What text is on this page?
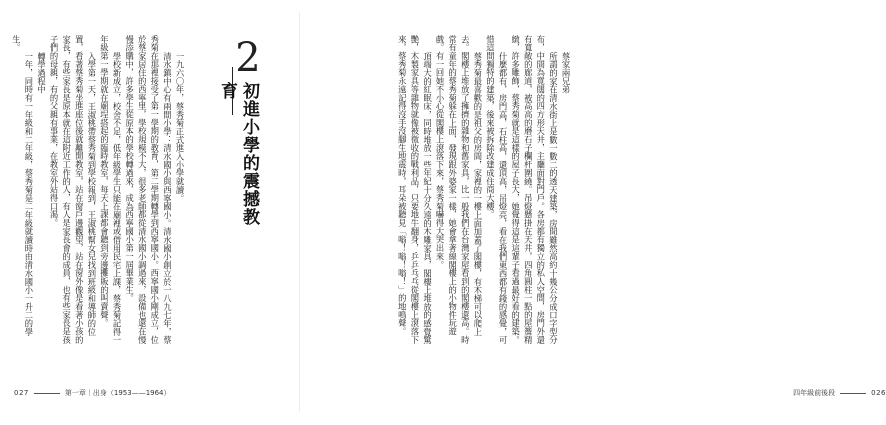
2
初進小學的震撼教育

一九六〇年，蔡秀菊正式進入小學就讀。

清水鎮中心有兩間小學：清水國小與西寧國小。清水國小創立於一八九七年，蔡秀菊在那裡接受了第一學期的教育，第二學期轉學到西寧國小。西寧國小剛成立，位於蔡家居住的西寧里，學校規模不大，很多老師都從清水國小調過來，設備也還在慢慢添購中，許多學生從原本的學校轉過來，成為西寧國小第一屆畢業生。

學校新成立，校舍不足，低年級學生只能在廟裡或借用民宅上課，蔡秀菊記得一年級第一學期就在廟埕搭起的臨時教室，每天上課都會聽到旁邊攤販的叫賣聲。

入學第一天，王淑桃帶蔡秀菊到學校報到，王淑桃幫女兒找到班級和導師的位置，看著蔡秀菊坐進座位後就離開教室，站在窗戶邊觀望，站在窗外像是看著小孩的家長，有些家長是原本就在這附近工作的人，有人是家長會的成員，也有些家長是孩子們的母親，有的父親有事業，在教室外站得口渴。

轉學過程中

一年，同時有一年級和二年級，蔡秀菊是二年級就讀時由清水國小一升二的學生。

027	第一章｜出身（1953——1964）

蔡家兩兄弟

所謂的家在清水街上是數一數二的透天建築，房間雖然高約十幾公分成口字型分布，中間為寬闊的四方形天井，主廳面對門戶。各房都有獨立的私人空間，房門外還有寬敞的廊道，被高高的磨石子欄杆圍繞。吊燈懸掛在天井，四角圓柱一點的屋簷精緻，許多雕飾，蔡秀菊就是這樣的屋子長大，她覺得這是這輩子看過最好看的建築。

什麼都有，房門高，石柱高，還頂高，吊燈亮，看在我們東西都有錢的感覺，可惜這間獨特的建築，後來被拆除改建成住商大樓。

蔡秀菊最喜歡的是祖父的房間，家裡的一樓上面加蓋了閣樓，有木梯可以爬上去。閣樓上堆放了擁擠的雜物和舊家具，比一般我們在台灣家屋看到的閣樓還高。時常有童年的蔡秀菊躲在上面，發現跟外婆家一樣，她會拿著線閣樓上的小物件玩遊戲。有一回她不小心從閣樓上滾落下來，蔡秀菊嚇得大哭出來。

頂端大的紅眠床，同時堆放一些年紀十分久遠的木雕家具，閣樓上堆放的感覺驚艷，木製家具等雜物就像被徵收的戰利品，只要地牛翻身，乒乒乓乓從閣樓上滾落下來，蔡秀菊永遠記得沒手沒腳生地震時，耳朵被聽見「嗡！嗡！嗡！」的地鳴聲。

四年級前後段	026
